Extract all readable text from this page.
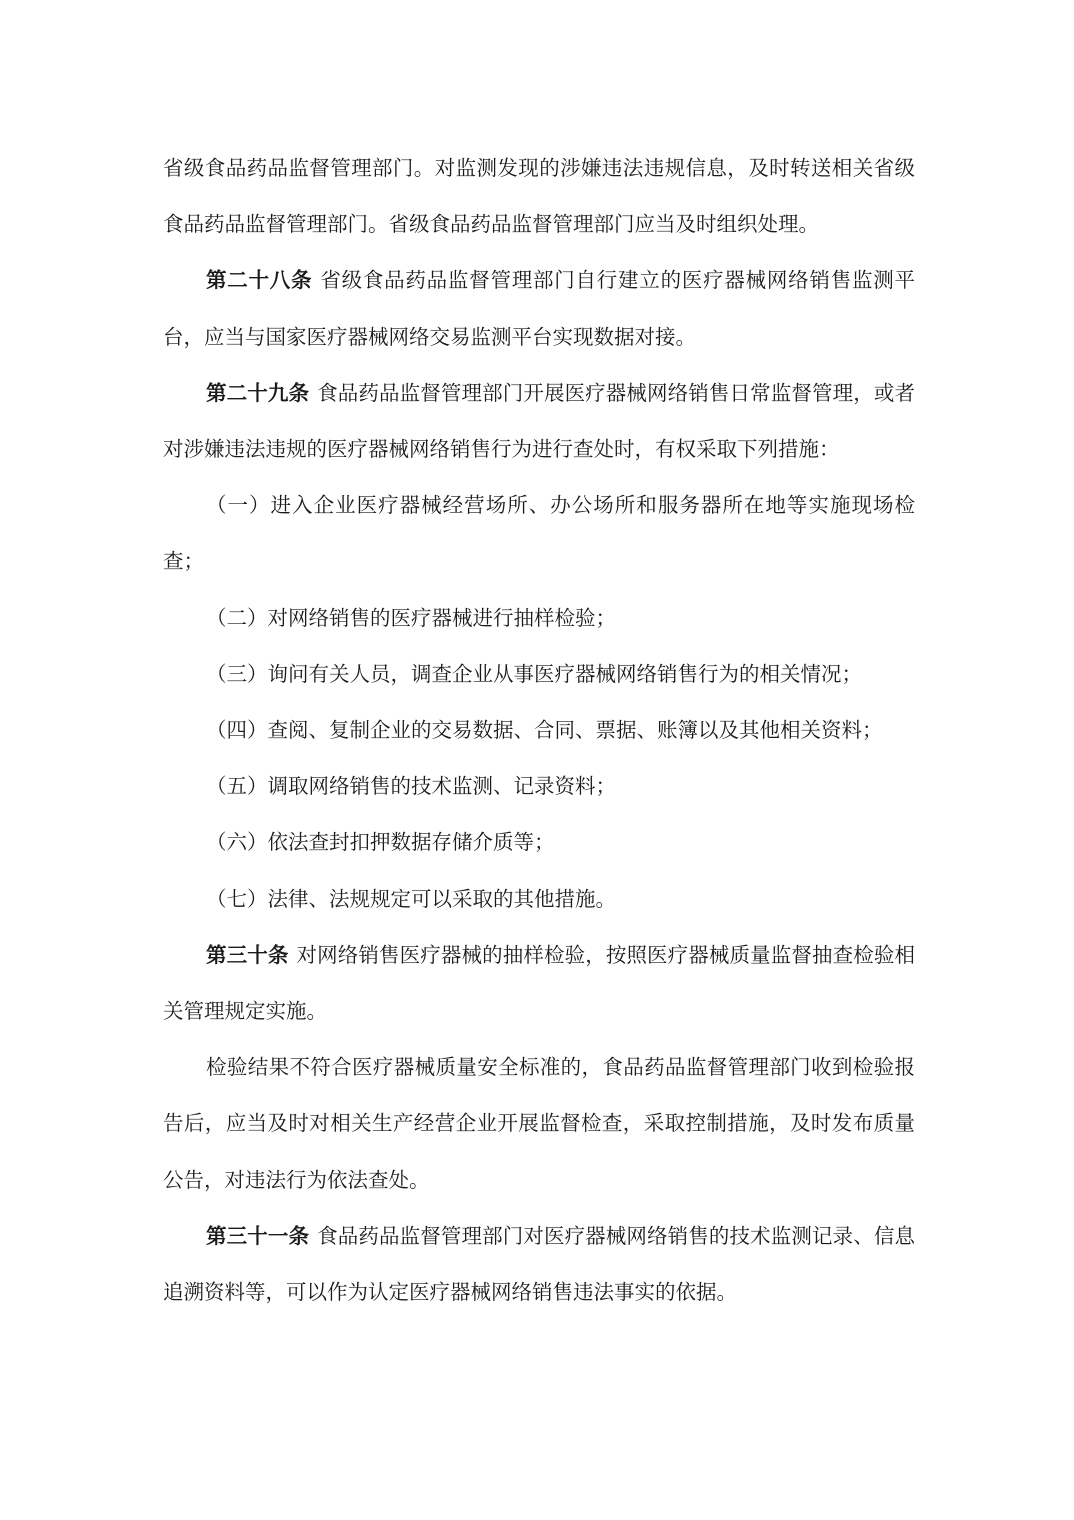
省级食品药品监督管理部门。对监测发现的涉嫌违法违规信息，及时转送相关省级食品药品监督管理部门。省级食品药品监督管理部门应当及时组织处理。

第二十八条 省级食品药品监督管理部门自行建立的医疗器械网络销售监测平台，应当与国家医疗器械网络交易监测平台实现数据对接。

第二十九条 食品药品监督管理部门开展医疗器械网络销售日常监督管理，或者对涉嫌违法违规的医疗器械网络销售行为进行查处时，有权采取下列措施：

（一）进入企业医疗器械经营场所、办公场所和服务器所在地等实施现场检查；

（二）对网络销售的医疗器械进行抽样检验；

（三）询问有关人员，调查企业从事医疗器械网络销售行为的相关情况；

（四）查阅、复制企业的交易数据、合同、票据、账簿以及其他相关资料；

（五）调取网络销售的技术监测、记录资料；

（六）依法查封扣押数据存储介质等；

（七）法律、法规规定可以采取的其他措施。

第三十条 对网络销售医疗器械的抽样检验，按照医疗器械质量监督抽查检验相关管理规定实施。

检验结果不符合医疗器械质量安全标准的，食品药品监督管理部门收到检验报告后，应当及时对相关生产经营企业开展监督检查，采取控制措施，及时发布质量公告，对违法行为依法查处。

第三十一条 食品药品监督管理部门对医疗器械网络销售的技术监测记录、信息追溯资料等，可以作为认定医疗器械网络销售违法事实的依据。
